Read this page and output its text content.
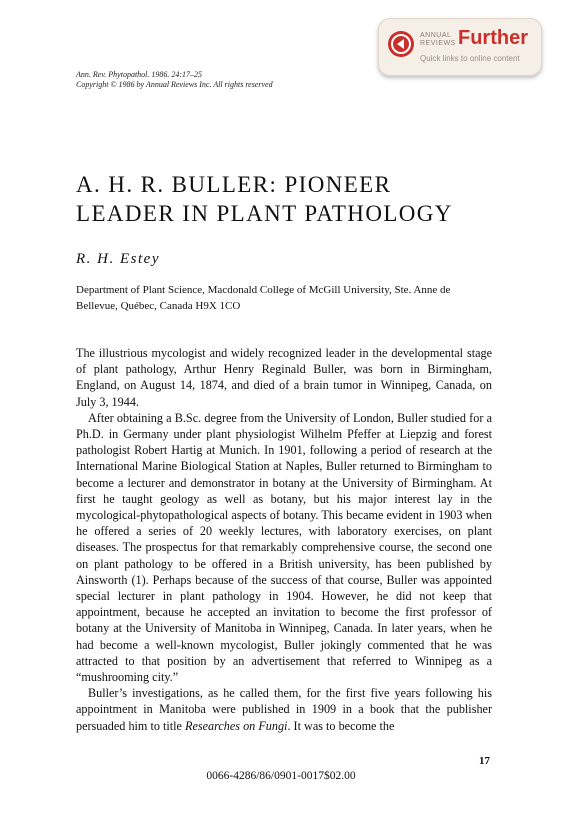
ANNUAL
REVIEWS Further
Quick links to online content
Ann. Rev. Phytopathol. 1986. 24:17–25
Copyright © 1986 by Annual Reviews Inc. All rights reserved
A. H. R. BULLER: PIONEER
LEADER IN PLANT PATHOLOGY
R. H. Estey
Department of Plant Science, Macdonald College of McGill University, Ste. Anne de Bellevue, Québec, Canada H9X 1CO

The illustrious mycologist and widely recognized leader in the developmental stage of plant pathology, Arthur Henry Reginald Buller, was born in Birmingham, England, on August 14, 1874, and died of a brain tumor in Winnipeg, Canada, on July 3, 1944.

After obtaining a B.Sc. degree from the University of London, Buller studied for a Ph.D. in Germany under plant physiologist Wilhelm Pfeffer at Liepzig and forest pathologist Robert Hartig at Munich. In 1901, following a period of research at the International Marine Biological Station at Naples, Buller returned to Birmingham to become a lecturer and demonstrator in botany at the University of Birmingham. At first he taught geology as well as botany, but his major interest lay in the mycological-phytopathological aspects of botany. This became evident in 1903 when he offered a series of 20 weekly lectures, with laboratory exercises, on plant diseases. The prospectus for that remarkably comprehensive course, the second one on plant pathology to be offered in a British university, has been published by Ainsworth (1). Perhaps because of the success of that course, Buller was appointed special lecturer in plant pathology in 1904. However, he did not keep that appointment, because he accepted an invitation to become the first professor of botany at the University of Manitoba in Winnipeg, Canada. In later years, when he had become a well-known mycologist, Buller jokingly commented that he was attracted to that position by an advertisement that referred to Winnipeg as a “mushrooming city.”

Buller’s investigations, as he called them, for the first five years following his appointment in Manitoba were published in 1909 in a book that the publisher persuaded him to title Researches on Fungi. It was to become the

17
0066-4286/86/0901-0017$02.00
